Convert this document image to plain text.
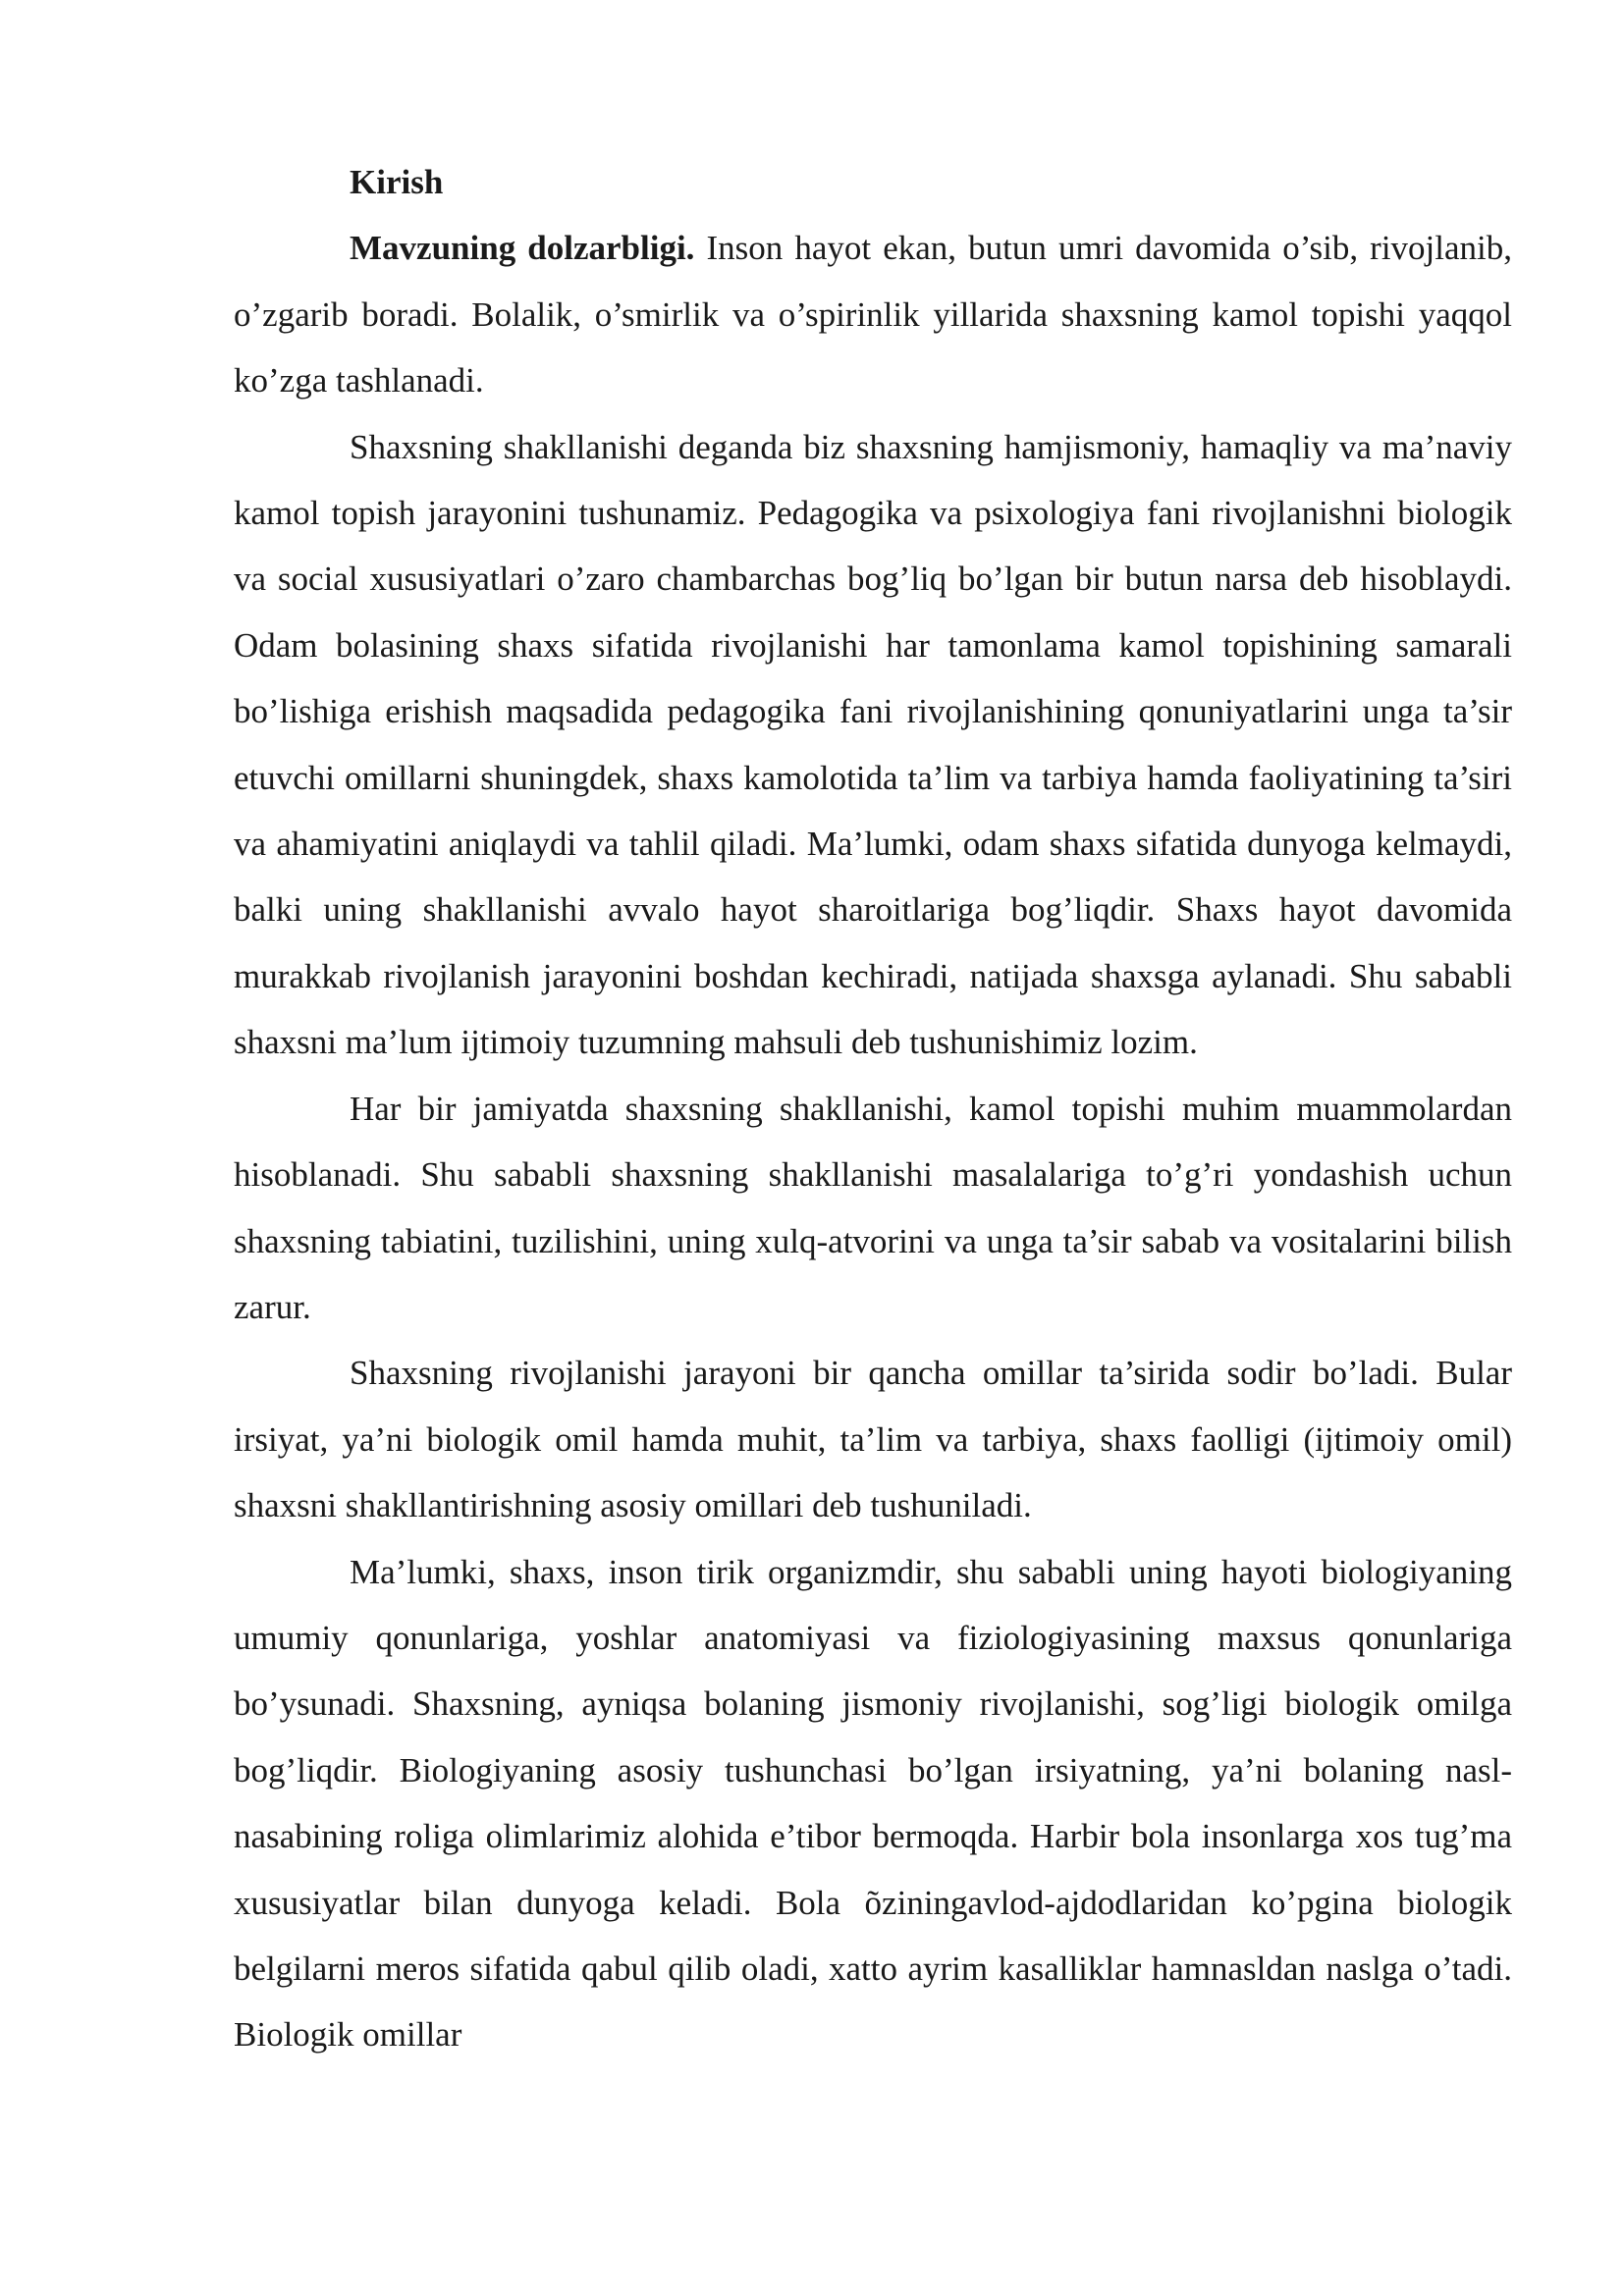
Kirish

Mavzuning dolzarbligi. Inson hayot ekan, butun umri davomida o’sib, rivojlanib, o’zgarib boradi. Bolalik, o’smirlik va o’spirinlik yillarida shaxsning kamol topishi yaqqol ko’zga tashlanadi.

Shaxsning shakllanishi deganda biz shaxsning hamjismoniy, hamaqliy va ma’naviy kamol topish jarayonini tushunamiz. Pedagogika va psixologiya fani rivojlanishni biologik va social xususiyatlari o’zaro chambarchas bog’liq bo’lgan bir butun narsa deb hisoblaydi. Odam bolasining shaxs sifatida rivojlanishi har tamonlama kamol topishining samarali bo’lishiga erishish maqsadida pedagogika fani rivojlanishining qonuniyatlarini unga ta’sir etuvchi omillarni shuningdek, shaxs kamolotida ta’lim va tarbiya hamda faoliyatining ta’siri va ahamiyatini aniqlaydi va tahlil qiladi. Ma’lumki, odam shaxs sifatida dunyoga kelmaydi, balki uning shakllanishi avvalo hayot sharoitlariga bog’liqdir. Shaxs hayot davomida murakkab rivojlanish jarayonini boshdan kechiradi, natijada shaxsga aylanadi. Shu sababli shaxsni ma’lum ijtimoiy tuzumning mahsuli deb tushunishimiz lozim.

Har bir jamiyatda shaxsning shakllanishi, kamol topishi muhim muammolardan hisoblanadi. Shu sababli shaxsning shakllanishi masalalariga to’g’ri yondashish uchun shaxsning tabiatini, tuzilishini, uning xulq-atvorini va unga ta’sir sabab va vositalarini bilish zarur.

Shaxsning rivojlanishi jarayoni bir qancha omillar ta’sirida sodir bo’ladi. Bular irsiyat, ya’ni biologik omil hamda muhit, ta’lim va tarbiya, shaxs faolligi (ijtimoiy omil) shaxsni shakllantirishning asosiy omillari deb tushuniladi.

Ma’lumki, shaxs, inson tirik organizmdir, shu sababli uning hayoti biologiyaning umumiy qonunlariga, yoshlar anatomiyasi va fiziologiyasining maxsus qonunlariga bo’ysunadi. Shaxsning, ayniqsa bolaning jismoniy rivojlanishi, sog’ligi biologik omilga bog’liqdir. Biologiyaning asosiy tushunchasi bo’lgan irsiyatning, ya’ni bolaning nasl-nasabining roliga olimlarimiz alohida e’tibor bermoqda. Harbir bola insonlarga xos tug’ma xususiyatlar bilan dunyoga keladi. Bola õziningavlod-ajdodlaridan ko’pgina biologik belgilarni meros sifatida qabul qilib oladi, xatto ayrim kasalliklar hamnasldan naslga o’tadi. Biologik omillar
